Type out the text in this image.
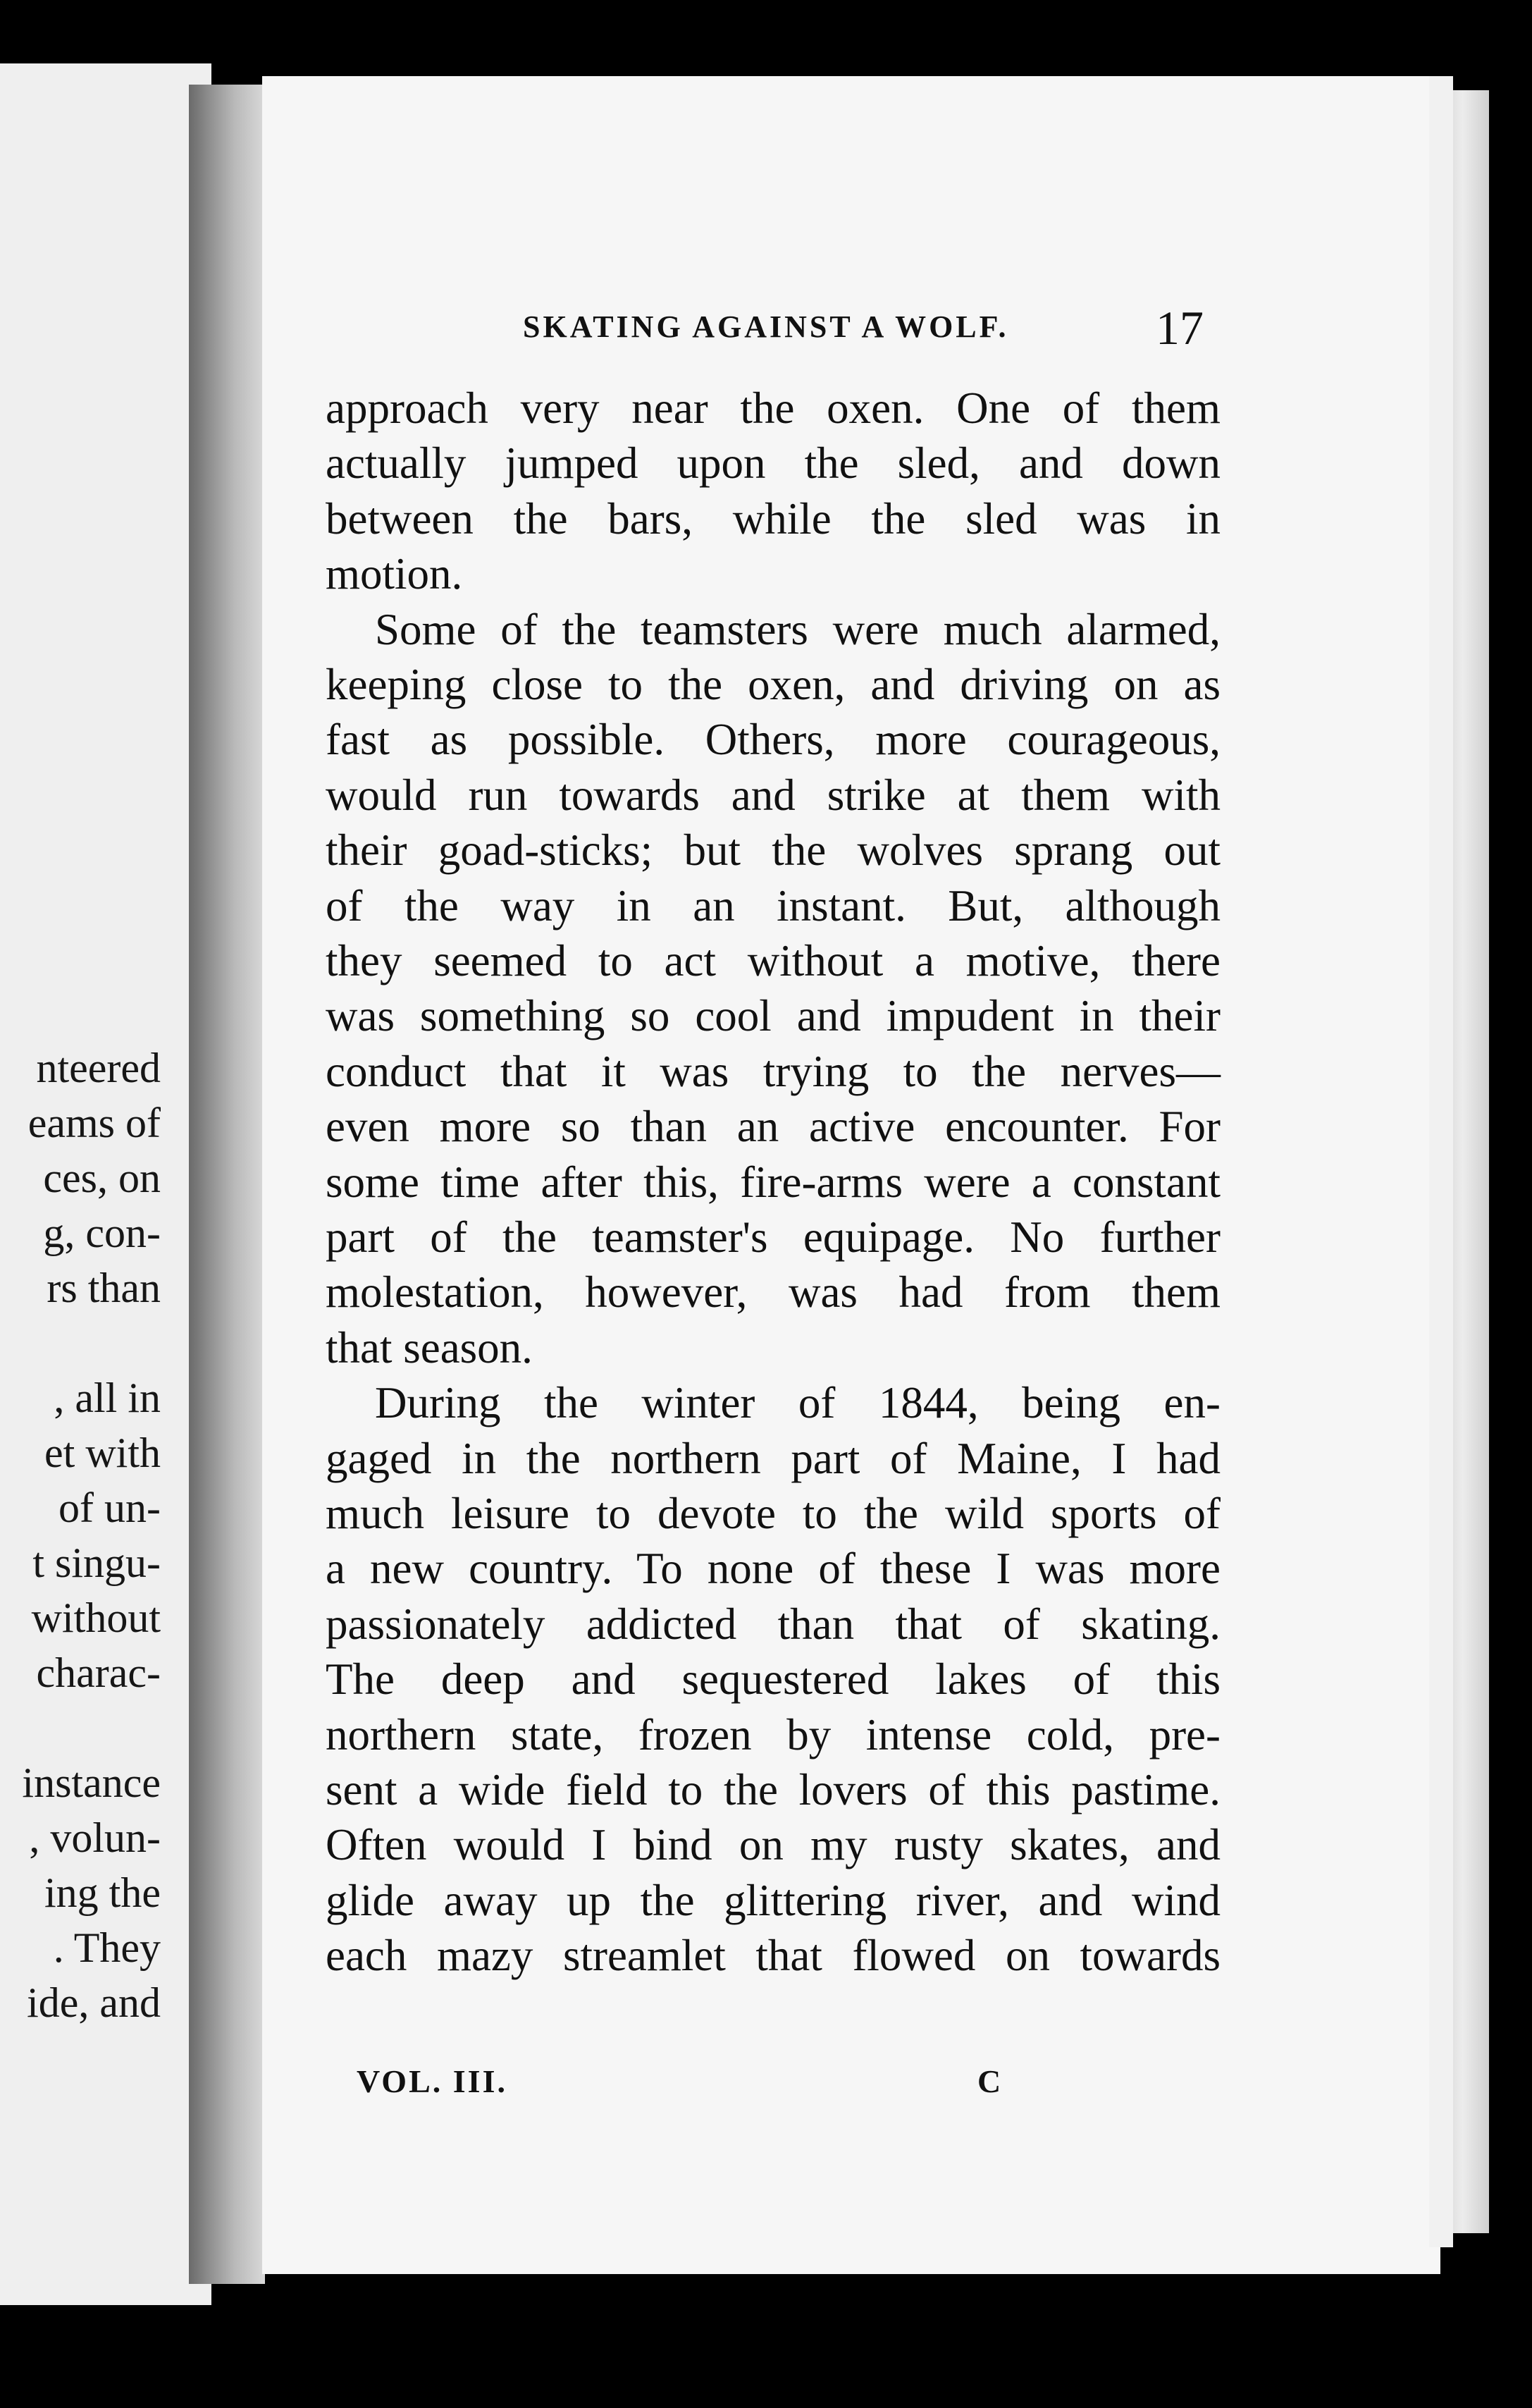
nteered
eams of
ces, on
g, con-
rs than
, all in
et with
of un-
t singu-
without
charac-
instance
, volun-
ing the
. They
ide, and
SKATING AGAINST A WOLF.	17
approach very near the oxen. One of them
actually jumped upon the sled, and down
between the bars, while the sled was in
motion.
Some of the teamsters were much alarmed,
keeping close to the oxen, and driving on as
fast as possible. Others, more courageous,
would run towards and strike at them with
their goad-sticks; but the wolves sprang out
of the way in an instant. But, although
they seemed to act without a motive, there
was something so cool and impudent in their
conduct that it was trying to the nerves—
even more so than an active encounter. For
some time after this, fire-arms were a constant
part of the teamster's equipage. No further
molestation, however, was had from them
that season.
During the winter of 1844, being en-
gaged in the northern part of Maine, I had
much leisure to devote to the wild sports of
a new country. To none of these I was more
passionately addicted than that of skating.
The deep and sequestered lakes of this
northern state, frozen by intense cold, pre-
sent a wide field to the lovers of this pastime.
Often would I bind on my rusty skates, and
glide away up the glittering river, and wind
each mazy streamlet that flowed on towards
VOL. III.	C
